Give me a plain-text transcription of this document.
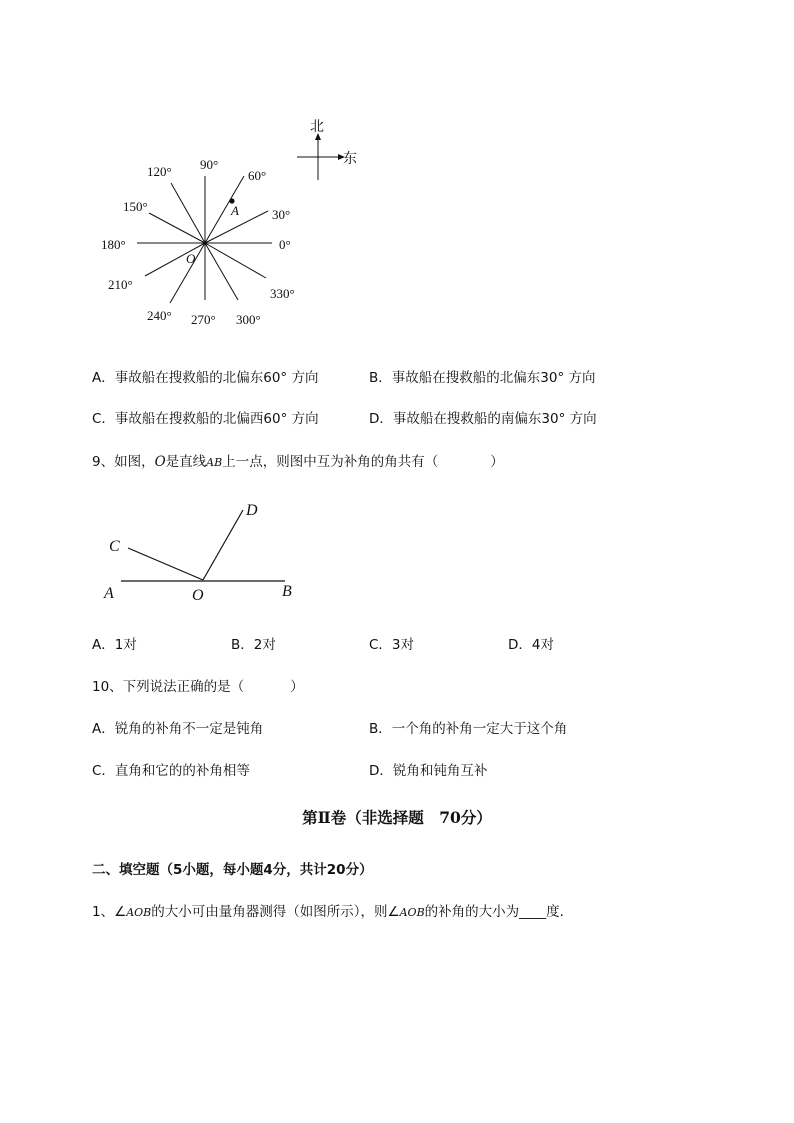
北
东
A
O
0°
30°
60°
90°
120°
150°
180°
210°
240° 270° 300°
330°
A．事故船在搜救船的北偏东60° 方向	B．事故船在搜救船的北偏东30° 方向
C．事故船在搜救船的北偏西60° 方向	D．事故船在搜救船的南偏东30° 方向
9、如图，O是直线AB上一点，则图中互为补角的角共有（	）
A	B
C
D
O
A．1对	B．2对	C．3对	D．4对
10、下列说法正确的是（	）
A．锐角的补角不一定是钝角	B．一个角的补角一定大于这个角
C．直角和它的的补角相等	D．锐角和钝角互补
第Ⅱ卷（非选择题　70分）
二、填空题（5小题，每小题4分，共计20分）
1、∠AOB的大小可由量角器测得（如图所示），则∠AOB的补角的大小为____度．
